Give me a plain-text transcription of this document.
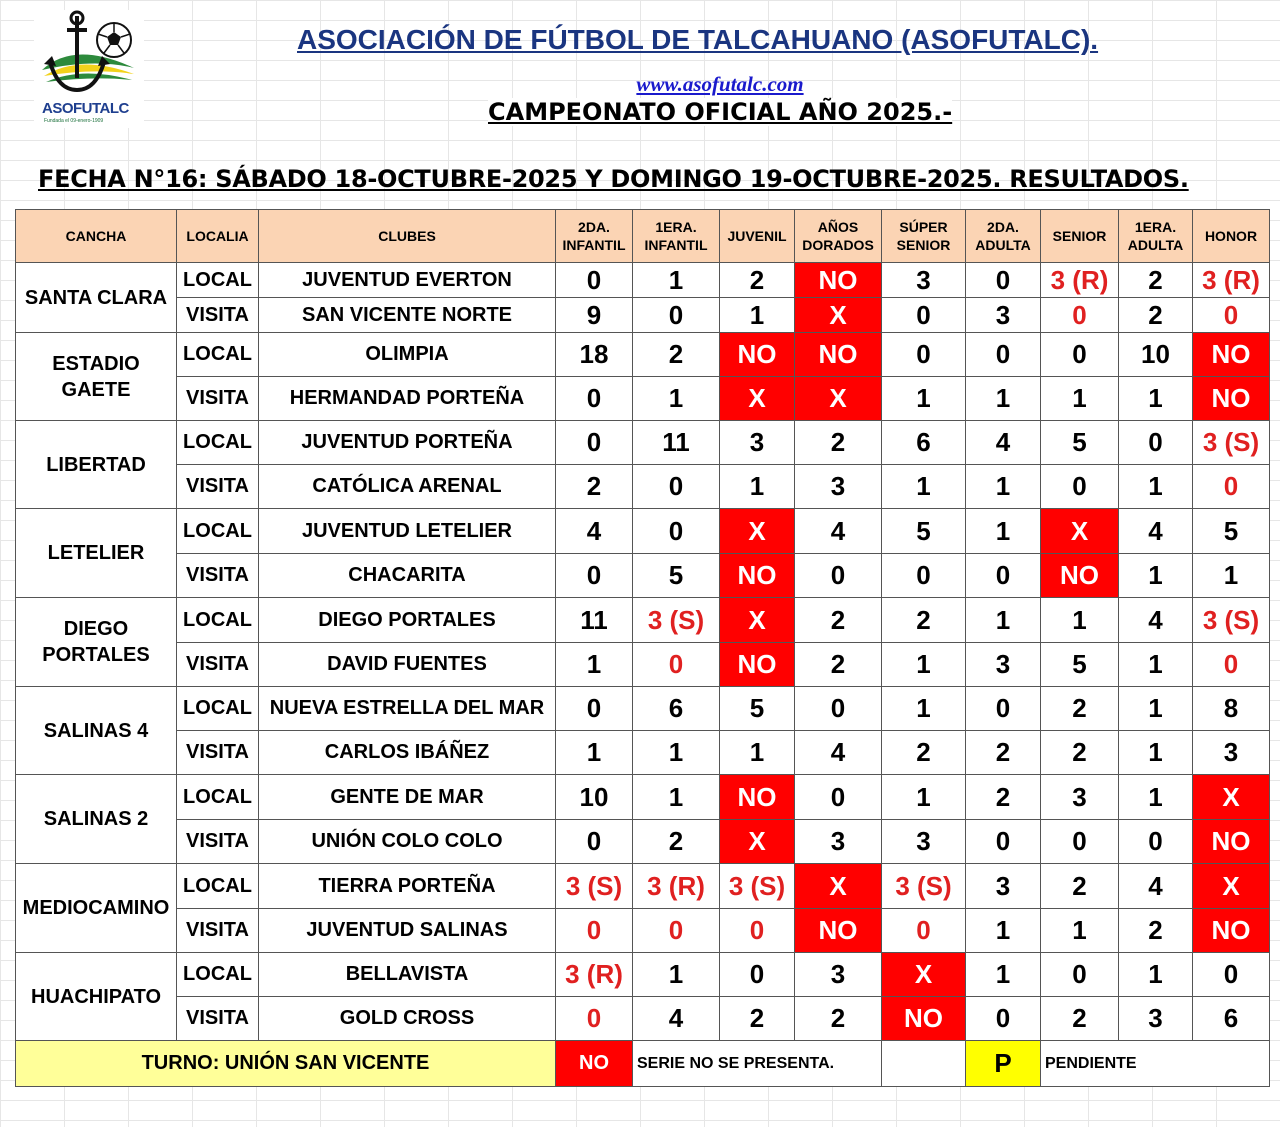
ASOFUTALC
Fundada el 09-enero-1909
ASOCIACIÓN DE FÚTBOL DE TALCAHUANO (ASOFUTALC).
www.asofutalc.com
CAMPEONATO OFICIAL AÑO 2025.-
FECHA N°16: SÁBADO 18-OCTUBRE-2025 Y DOMINGO 19-OCTUBRE-2025. RESULTADOS.
CANCHA	LOCALIA	CLUBES	2DA. INFANTIL	1ERA. INFANTIL	JUVENIL	AÑOS DORADOS	SÚPER SENIOR	2DA. ADULTA	SENIOR	1ERA. ADULTA	HONOR
SANTA CLARA	LOCAL	JUVENTUD EVERTON	0	1	2	NO	3	0	3 (R)	2	3 (R)
	VISITA	SAN VICENTE NORTE	9	0	1	X	0	3	0	2	0
ESTADIO GAETE	LOCAL	OLIMPIA	18	2	NO	NO	0	0	0	10	NO
	VISITA	HERMANDAD PORTEÑA	0	1	X	X	1	1	1	1	NO
LIBERTAD	LOCAL	JUVENTUD PORTEÑA	0	11	3	2	6	4	5	0	3 (S)
	VISITA	CATÓLICA ARENAL	2	0	1	3	1	1	0	1	0
LETELIER	LOCAL	JUVENTUD LETELIER	4	0	X	4	5	1	X	4	5
	VISITA	CHACARITA	0	5	NO	0	0	0	NO	1	1
DIEGO PORTALES	LOCAL	DIEGO PORTALES	11	3 (S)	X	2	2	1	1	4	3 (S)
	VISITA	DAVID FUENTES	1	0	NO	2	1	3	5	1	0
SALINAS 4	LOCAL	NUEVA ESTRELLA DEL MAR	0	6	5	0	1	0	2	1	8
	VISITA	CARLOS IBÁÑEZ	1	1	1	4	2	2	2	1	3
SALINAS 2	LOCAL	GENTE DE MAR	10	1	NO	0	1	2	3	1	X
	VISITA	UNIÓN COLO COLO	0	2	X	3	3	0	0	0	NO
MEDIOCAMINO	LOCAL	TIERRA PORTEÑA	3 (S)	3 (R)	3 (S)	X	3 (S)	3	2	4	X
	VISITA	JUVENTUD SALINAS	0	0	0	NO	0	1	1	2	NO
HUACHIPATO	LOCAL	BELLAVISTA	3 (R)	1	0	3	X	1	0	1	0
	VISITA	GOLD CROSS	0	4	2	2	NO	0	2	3	6
TURNO: UNIÓN SAN VICENTE			NO	SERIE NO SE PRESENTA.				P	PENDIENTE		
